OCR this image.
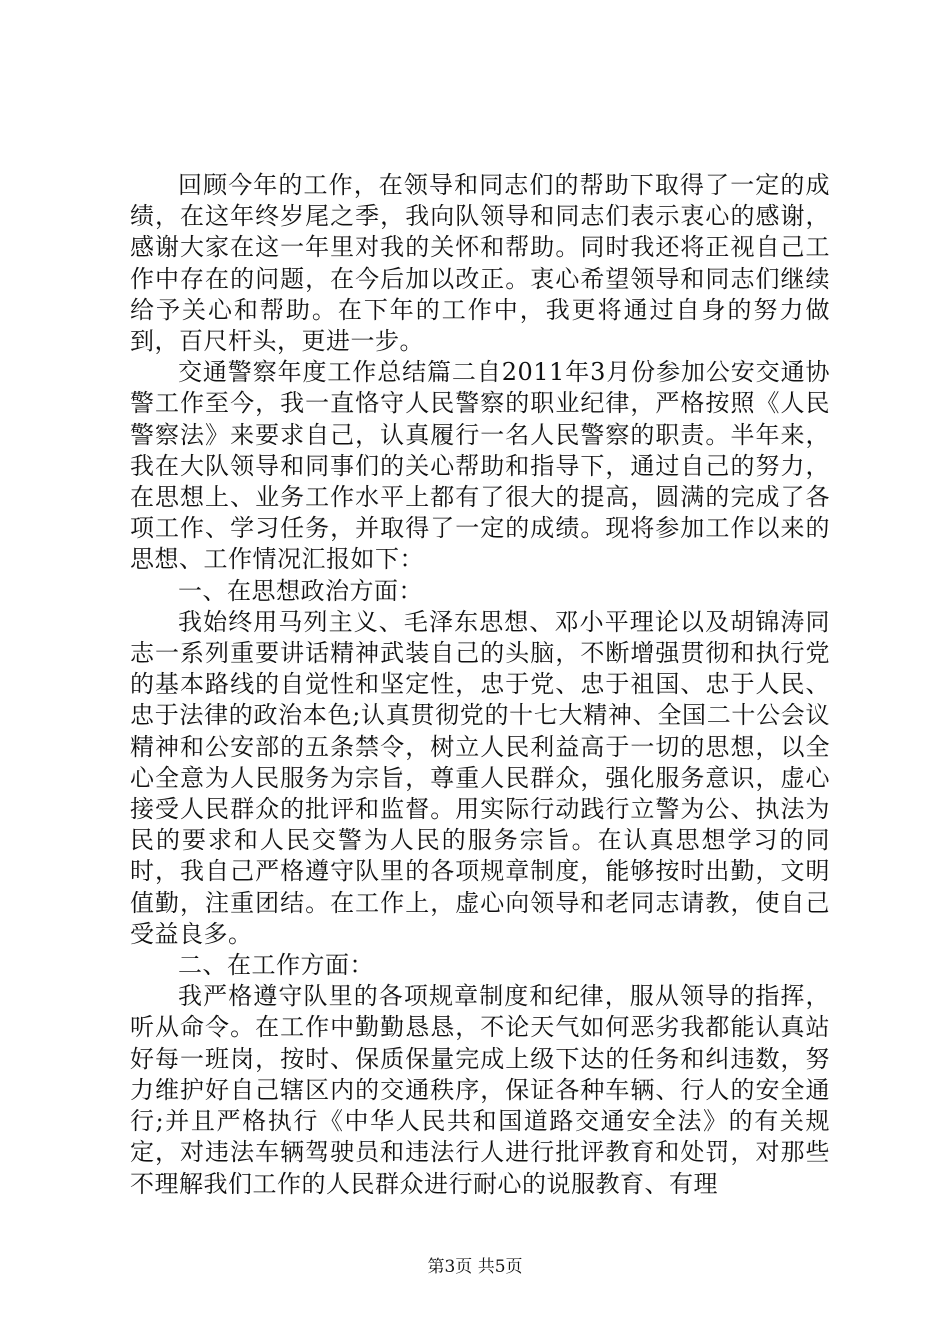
回顾今年的工作，在领导和同志们的帮助下取得了一定的成绩，在这年终岁尾之季，我向队领导和同志们表示衷心的感谢，感谢大家在这一年里对我的关怀和帮助。同时我还将正视自己工作中存在的问题，在今后加以改正。衷心希望领导和同志们继续给予关心和帮助。在下年的工作中，我更将通过自身的努力做到，百尺杆头，更进一步。

交通警察年度工作总结篇二自2011年3月份参加公安交通协警工作至今，我一直恪守人民警察的职业纪律，严格按照《人民警察法》来要求自己，认真履行一名人民警察的职责。半年来，我在大队领导和同事们的关心帮助和指导下，通过自己的努力，在思想上、业务工作水平上都有了很大的提高，圆满的完成了各项工作、学习任务，并取得了一定的成绩。现将参加工作以来的思想、工作情况汇报如下：

一、在思想政治方面：

我始终用马列主义、毛泽东思想、邓小平理论以及胡锦涛同志一系列重要讲话精神武装自己的头脑，不断增强贯彻和执行党的基本路线的自觉性和坚定性，忠于党、忠于祖国、忠于人民、忠于法律的政治本色;认真贯彻党的十七大精神、全国二十公会议精神和公安部的五条禁令，树立人民利益高于一切的思想，以全心全意为人民服务为宗旨，尊重人民群众，强化服务意识，虚心接受人民群众的批评和监督。用实际行动践行立警为公、执法为民的要求和人民交警为人民的服务宗旨。在认真思想学习的同时，我自己严格遵守队里的各项规章制度，能够按时出勤，文明值勤，注重团结。在工作上，虚心向领导和老同志请教，使自己受益良多。

二、在工作方面：

我严格遵守队里的各项规章制度和纪律，服从领导的指挥，听从命令。在工作中勤勤恳恳，不论天气如何恶劣我都能认真站好每一班岗，按时、保质保量完成上级下达的任务和纠违数，努力维护好自己辖区内的交通秩序，保证各种车辆、行人的安全通行;并且严格执行《中华人民共和国道路交通安全法》的有关规定，对违法车辆驾驶员和违法行人进行批评教育和处罚，对那些不理解我们工作的人民群众进行耐心的说服教育、有理

第3页 共5页
